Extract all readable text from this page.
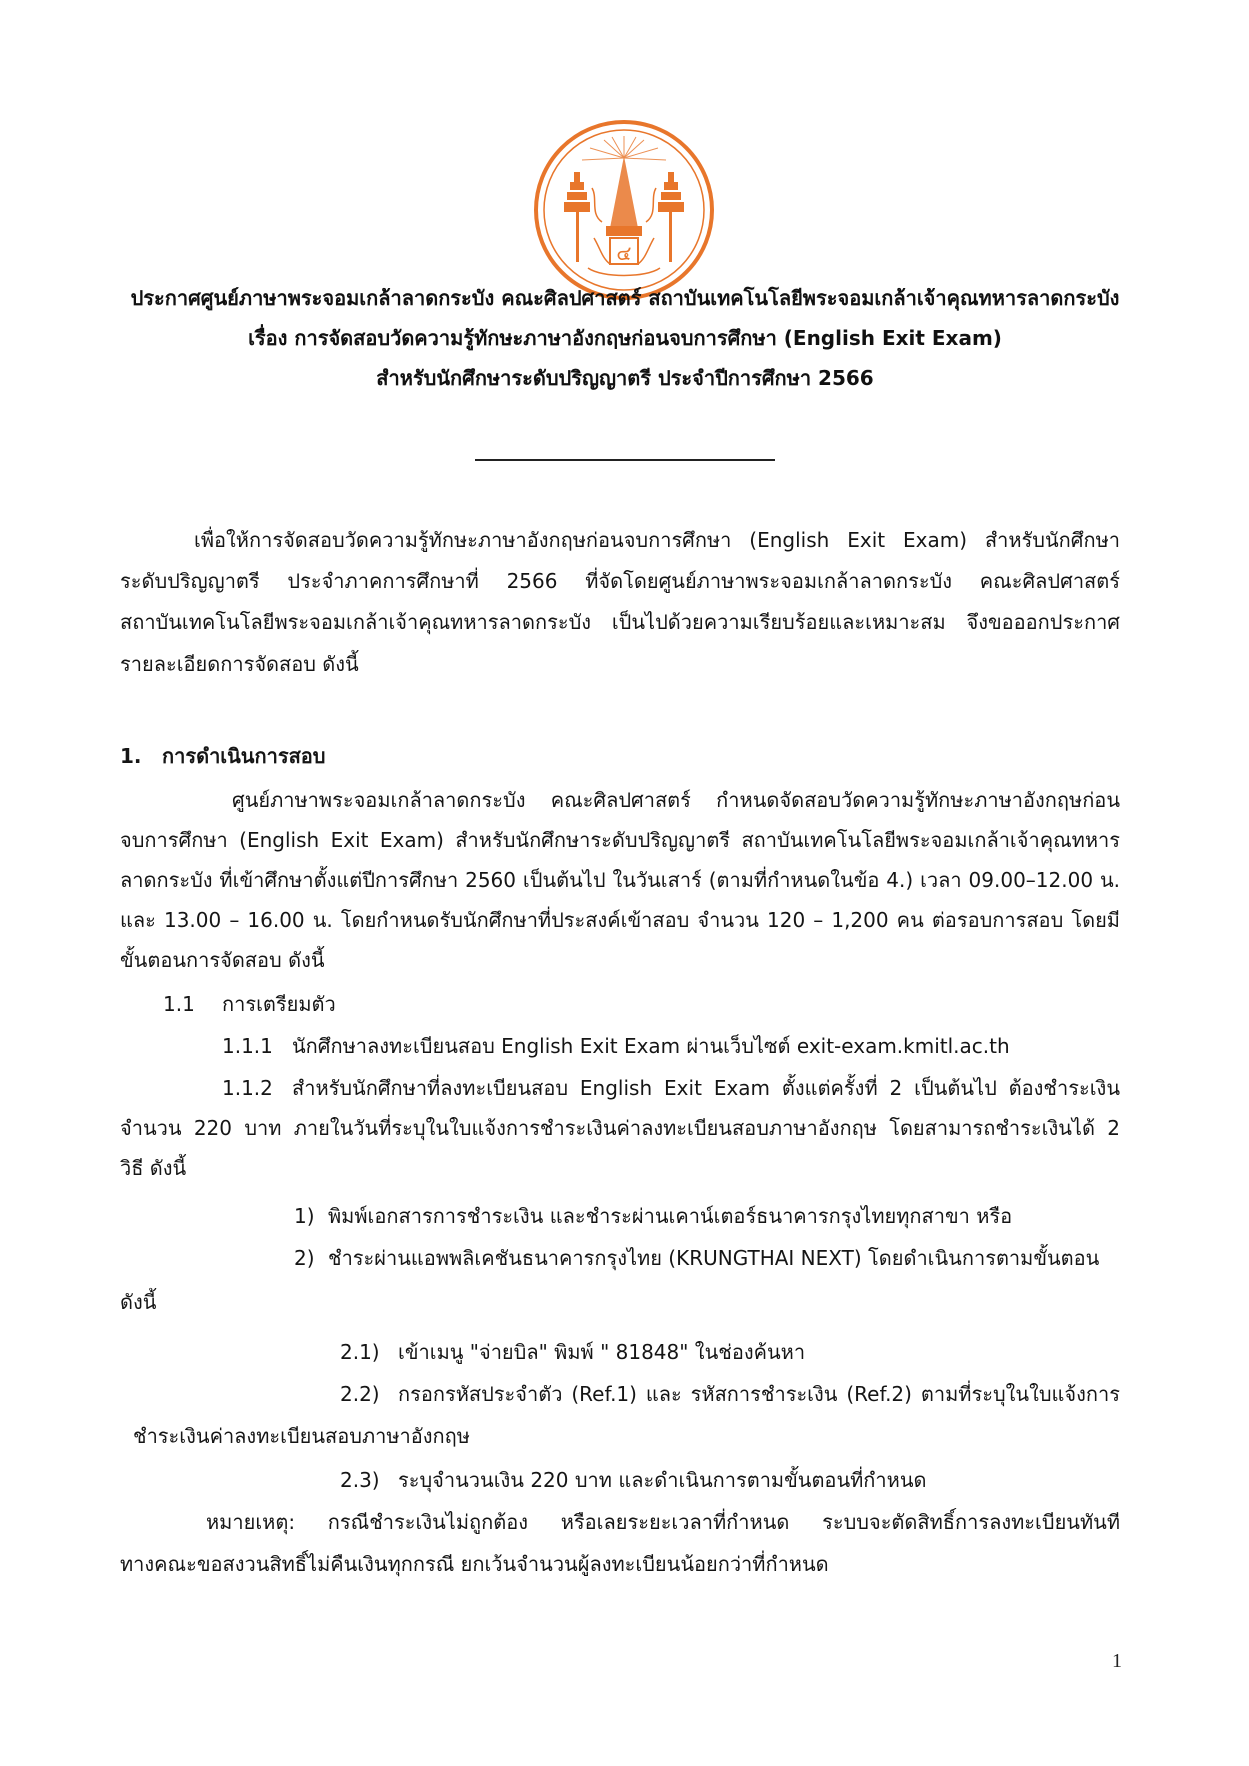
๔
ประกาศศูนย์ภาษาพระจอมเกล้าลาดกระบัง คณะศิลปศาสตร์ สถาบันเทคโนโลยีพระจอมเกล้าเจ้าคุณทหารลาดกระบัง
เรื่อง การจัดสอบวัดความรู้ทักษะภาษาอังกฤษก่อนจบการศึกษา (English Exit Exam)
สำหรับนักศึกษาระดับปริญญาตรี ประจำปีการศึกษา 2566
เพื่อให้การจัดสอบวัดความรู้ทักษะภาษาอังกฤษก่อนจบการศึกษา (English Exit Exam) สำหรับนักศึกษา
ระดับปริญญาตรี ประจำภาคการศึกษาที่ 2566 ที่จัดโดยศูนย์ภาษาพระจอมเกล้าลาดกระบัง คณะศิลปศาสตร์
สถาบันเทคโนโลยีพระจอมเกล้าเจ้าคุณทหารลาดกระบัง เป็นไปด้วยความเรียบร้อยและเหมาะสม จึงขอออกประกาศ
รายละเอียดการจัดสอบ ดังนี้
1. การดำเนินการสอบ
ศูนย์ภาษาพระจอมเกล้าลาดกระบัง คณะศิลปศาสตร์ กำหนดจัดสอบวัดความรู้ทักษะภาษาอังกฤษก่อน
จบการศึกษา (English Exit Exam) สำหรับนักศึกษาระดับปริญญาตรี สถาบันเทคโนโลยีพระจอมเกล้าเจ้าคุณทหาร
ลาดกระบัง ที่เข้าศึกษาตั้งแต่ปีการศึกษา 2560 เป็นต้นไป ในวันเสาร์ (ตามที่กำหนดในข้อ 4.) เวลา 09.00–12.00 น.
และ 13.00 – 16.00 น. โดยกำหนดรับนักศึกษาที่ประสงค์เข้าสอบ จำนวน 120 – 1,200 คน ต่อรอบการสอบ โดยมี
ขั้นตอนการจัดสอบ ดังนี้
1.1 การเตรียมตัว
1.1.1 นักศึกษาลงทะเบียนสอบ English Exit Exam ผ่านเว็บไซต์ exit-exam.kmitl.ac.th
1.1.2 สำหรับนักศึกษาที่ลงทะเบียนสอบ English Exit Exam ตั้งแต่ครั้งที่ 2 เป็นต้นไป ต้องชำระเงิน
จำนวน 220 บาท ภายในวันที่ระบุในใบแจ้งการชำระเงินค่าลงทะเบียนสอบภาษาอังกฤษ โดยสามารถชำระเงินได้ 2
วิธี ดังนี้
1) พิมพ์เอกสารการชำระเงิน และชำระผ่านเคาน์เตอร์ธนาคารกรุงไทยทุกสาขา หรือ
2) ชำระผ่านแอพพลิเคชันธนาคารกรุงไทย (KRUNGTHAI NEXT) โดยดำเนินการตามขั้นตอน
ดังนี้
2.1) เข้าเมนู "จ่ายบิล" พิมพ์ " 81848" ในช่องค้นหา
2.2) กรอกรหัสประจำตัว (Ref.1) และ รหัสการชำระเงิน (Ref.2) ตามที่ระบุในใบแจ้งการ
ชำระเงินค่าลงทะเบียนสอบภาษาอังกฤษ
2.3) ระบุจำนวนเงิน 220 บาท และดำเนินการตามขั้นตอนที่กำหนด
หมายเหตุ: กรณีชำระเงินไม่ถูกต้อง หรือเลยระยะเวลาที่กำหนด ระบบจะตัดสิทธิ์การลงทะเบียนทันที
ทางคณะขอสงวนสิทธิ์ไม่คืนเงินทุกกรณี ยกเว้นจำนวนผู้ลงทะเบียนน้อยกว่าที่กำหนด
1
